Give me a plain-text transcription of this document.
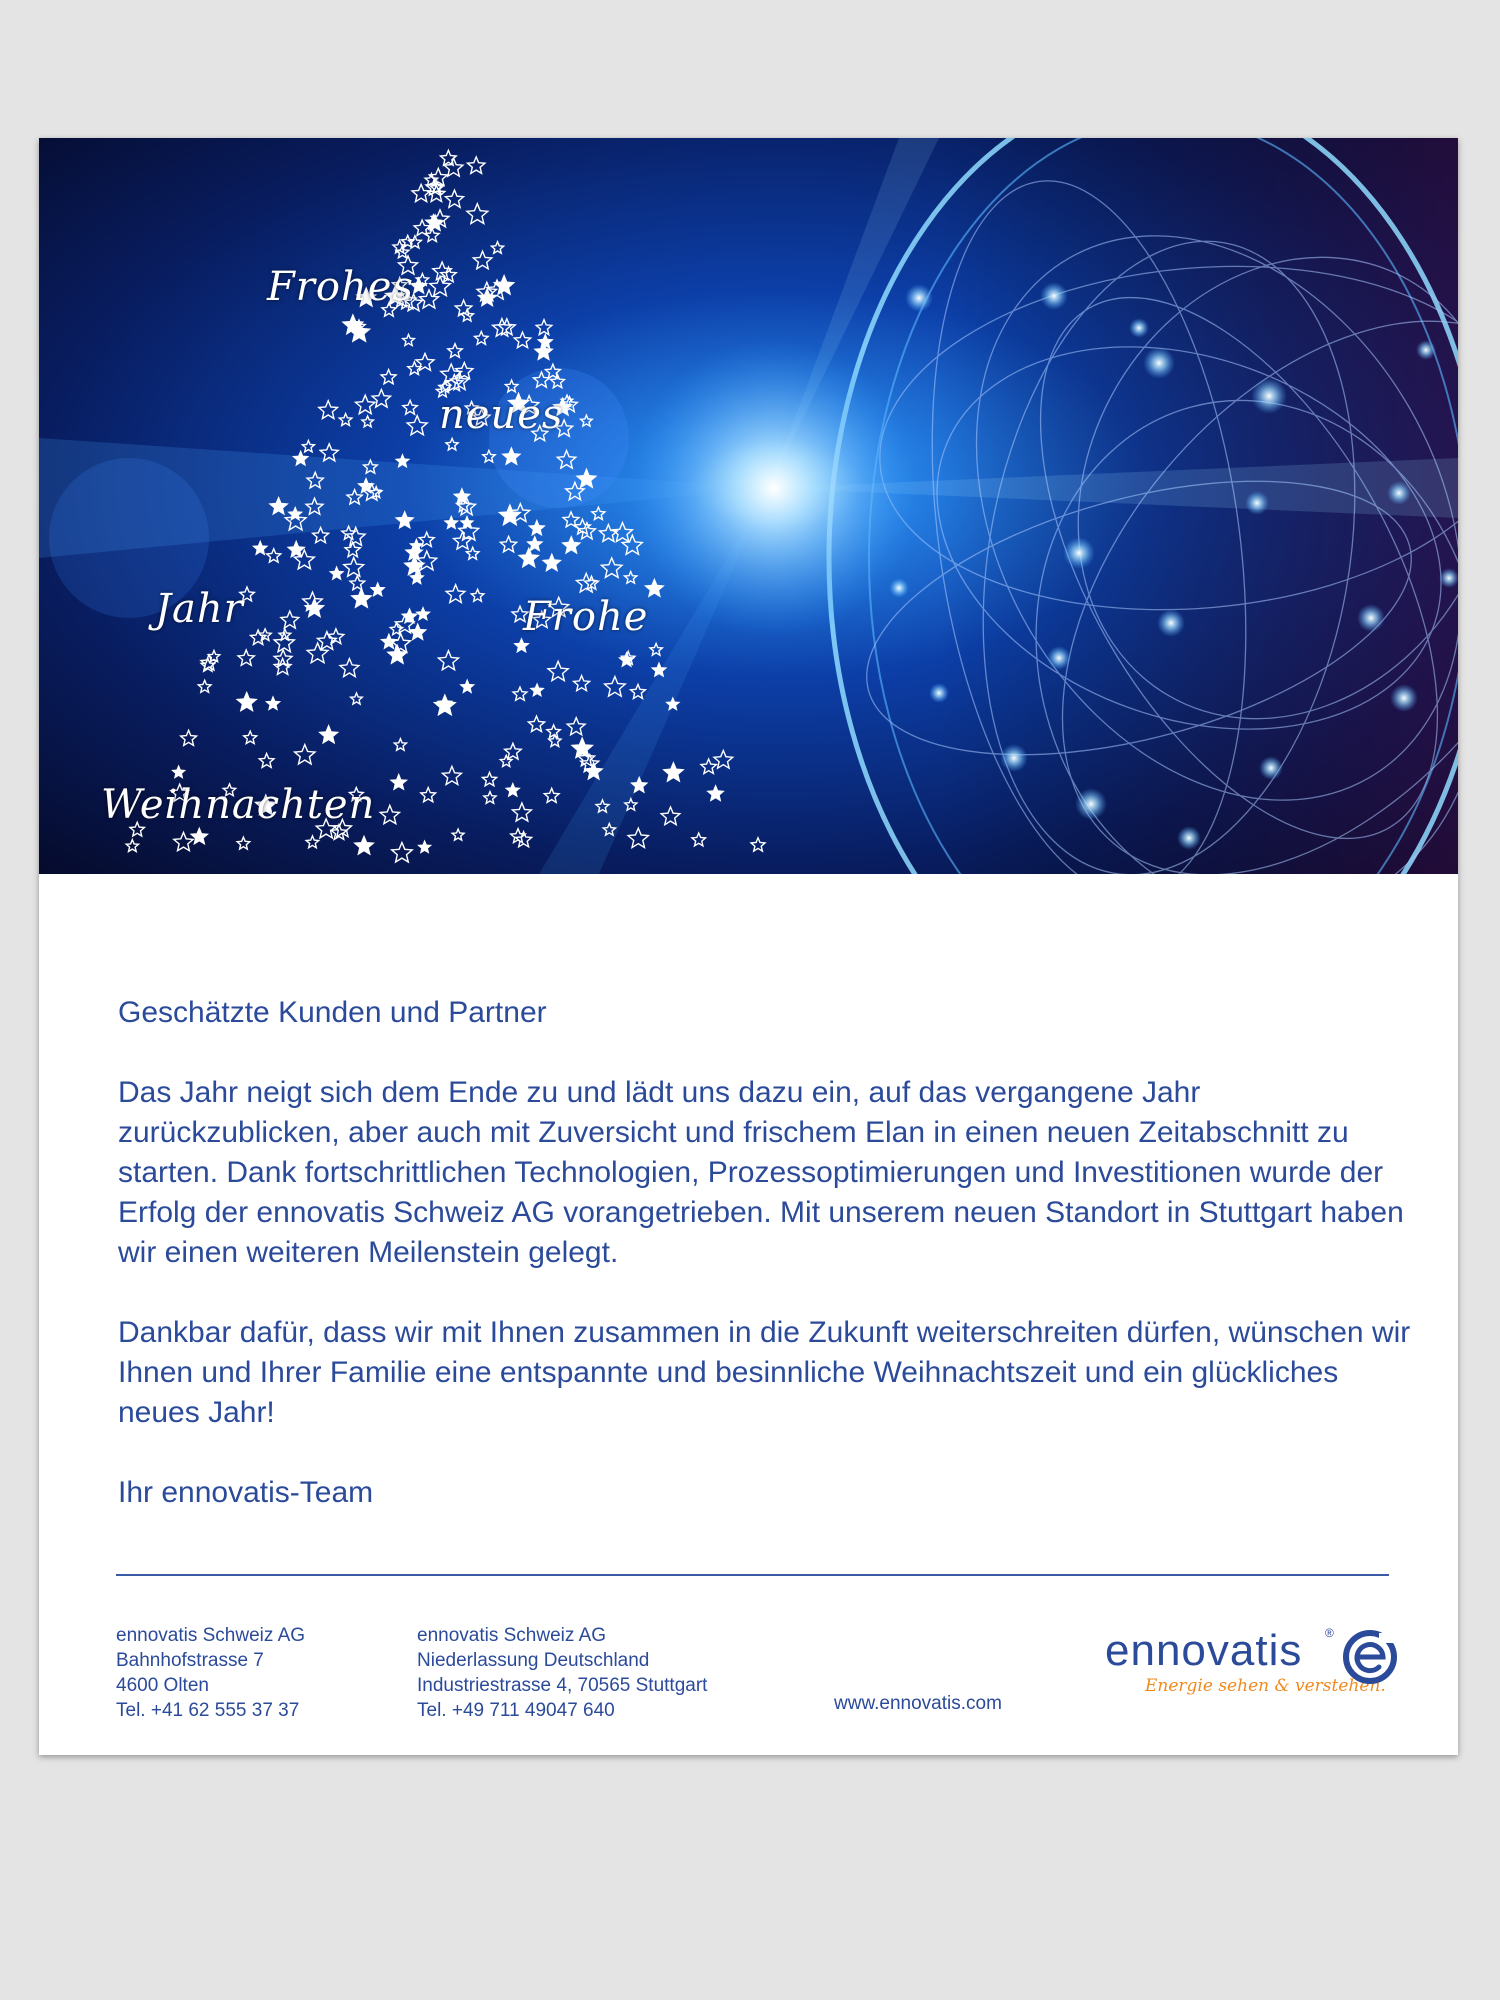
Frohes
neues
Jahr	Frohe
Weihnachten

Geschätzte Kunden und Partner

Das Jahr neigt sich dem Ende zu und lädt uns dazu ein, auf das vergangene Jahr zurückzublicken, aber auch mit Zuversicht und frischem Elan in einen neuen Zeitabschnitt zu starten. Dank fortschrittlichen Technologien, Prozessoptimierungen und Investitionen wurde der Erfolg der ennovatis Schweiz AG vorangetrieben. Mit unserem neuen Standort in Stuttgart haben wir einen weiteren Meilenstein gelegt.

Dankbar dafür, dass wir mit Ihnen zusammen in die Zukunft weiterschreiten dürfen, wünschen wir Ihnen und Ihrer Familie eine entspannte und besinnliche Weihnachtszeit und ein glückliches neues Jahr!

Ihr ennovatis-Team

ennovatis Schweiz AG
Bahnhofstrasse 7
4600 Olten
Tel. +41 62 555 37 37
ennovatis Schweiz AG
Niederlassung Deutschland
Industriestrasse 4, 70565 Stuttgart
Tel. +49 711 49047 640	www.ennovatis.com
ennovatis ®
Energie sehen & verstehen.
